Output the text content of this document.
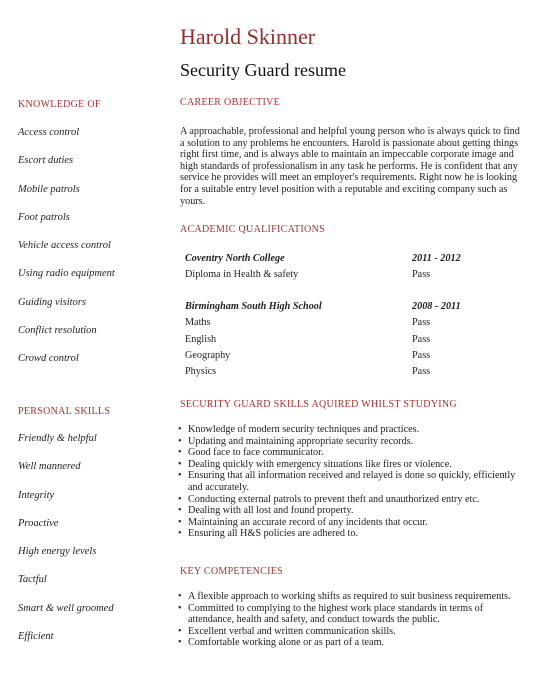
Harold Skinner
Security Guard resume
KNOWLEDGE OF
Access control
Escort duties
Mobile patrols
Foot patrols
Vehicle access control
Using radio equipment
Guiding visitors
Conflict resolution
Crowd control
PERSONAL SKILLS
Friendly & helpful
Well mannered
Integrity
Proactive
High energy levels
Tactful
Smart & well groomed
Efficient
CAREER OBJECTIVE
A approachable, professional and helpful young person who is always quick to find a solution to any problems he encounters. Harold is passionate about getting things right first time, and is always able to maintain an impeccable corporate image and high standards of professionalism in any task he performs. He is confident that any service he provides will meet an employer's requirements. Right now he is looking for a suitable entry level position with a reputable and exciting company such as yours.
ACADEMIC QUALIFICATIONS
Coventry North College	2011 - 2012
Diploma in Health & safety	Pass
Birmingham South High School	2008 - 2011
Maths	Pass
English	Pass
Geography	Pass
Physics	Pass
SECURITY GUARD SKILLS AQUIRED WHILST STUDYING
• Knowledge of modern security techniques and practices.
• Updating and maintaining appropriate security records.
• Good face to face communicator.
• Dealing quickly with emergency situations like fires or violence.
• Ensuring that all information received and relayed is done so quickly, efficiently and accurately.
• Conducting external patrols to prevent theft and unauthorized entry etc.
• Dealing with all lost and found property.
• Maintaining an accurate record of any incidents that occur.
• Ensuring all H&S policies are adhered to.
KEY COMPETENCIES
• A flexible approach to working shifts as required to suit business requirements.
• Committed to complying to the highest work place standards in terms of attendance, health and safety, and conduct towards the public.
• Excellent verbal and written communication skills.
• Comfortable working alone or as part of a team.
